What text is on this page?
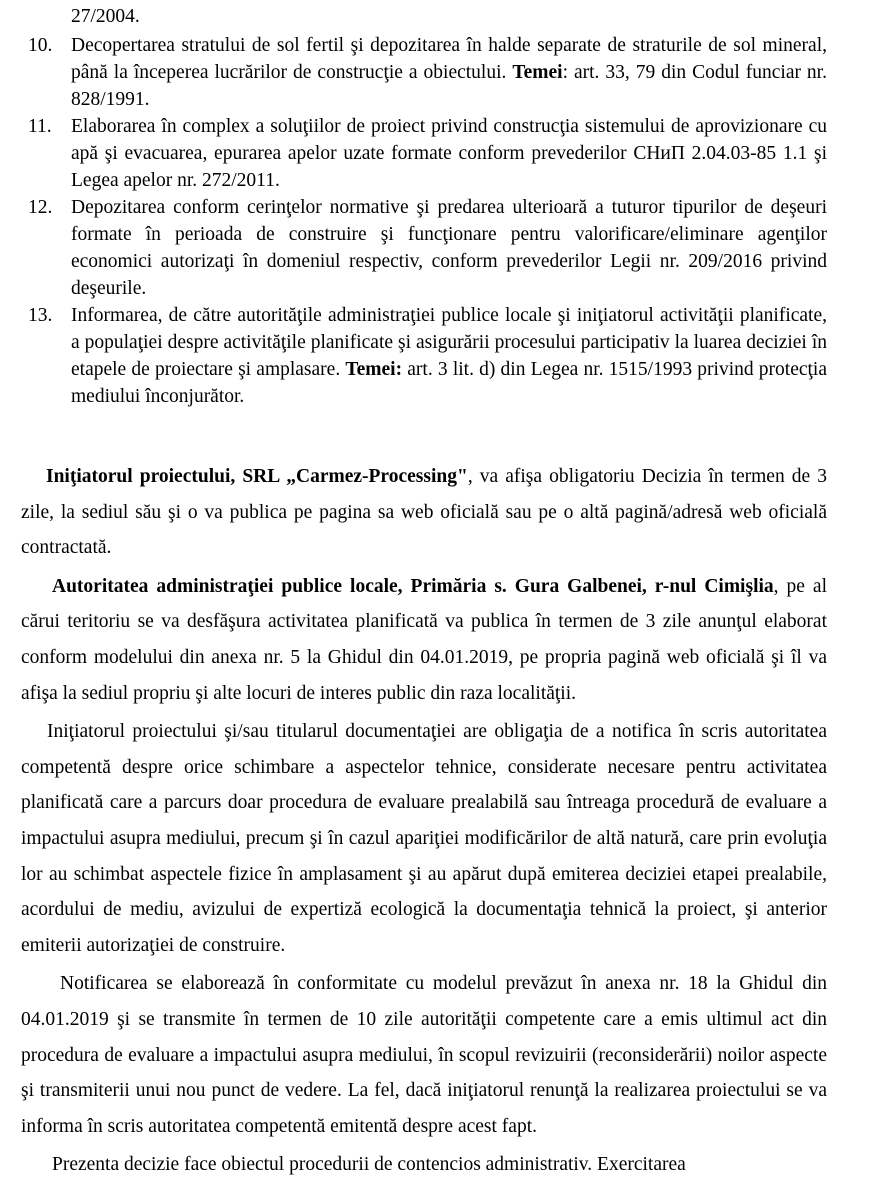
27/2004.

10. Decopertarea stratului de sol fertil şi depozitarea în halde separate de straturile de sol mineral, până la începerea lucrărilor de construcţie a obiectului. Temei: art. 33, 79 din Codul funciar nr. 828/1991.
11. Elaborarea în complex a soluţiilor de proiect privind construcţia sistemului de aprovizionare cu apă şi evacuarea, epurarea apelor uzate formate conform prevederilor СНиП 2.04.03-85 1.1 şi Legea apelor nr. 272/2011.
12. Depozitarea conform cerinţelor normative şi predarea ulterioară a tuturor tipurilor de deşeuri formate în perioada de construire şi funcţionare pentru valorificare/eliminare agenţilor economici autorizaţi în domeniul respectiv, conform prevederilor Legii nr. 209/2016 privind deşeurile.
13. Informarea, de către autorităţile administraţiei publice locale şi iniţiatorul activităţii planificate, a populaţiei despre activităţile planificate şi asigurării procesului participativ la luarea deciziei în etapele de proiectare şi amplasare. Temei: art. 3 lit. d) din Legea nr. 1515/1993 privind protecţia mediului înconjurător.

Iniţiatorul proiectului, SRL „Carmez-Processing", va afişa obligatoriu Decizia în termen de 3 zile, la sediul său şi o va publica pe pagina sa web oficială sau pe o altă pagină/adresă web oficială contractată.

Autoritatea administraţiei publice locale, Primăria s. Gura Galbenei, r-nul Cimişlia, pe al cărui teritoriu se va desfăşura activitatea planificată va publica în termen de 3 zile anunţul elaborat conform modelului din anexa nr. 5 la Ghidul din 04.01.2019, pe propria pagină web oficială şi îl va afişa la sediul propriu şi alte locuri de interes public din raza localităţii.

Iniţiatorul proiectului şi/sau titularul documentaţiei are obligaţia de a notifica în scris autoritatea competentă despre orice schimbare a aspectelor tehnice, considerate necesare pentru activitatea planificată care a parcurs doar procedura de evaluare prealabilă sau întreaga procedură de evaluare a impactului asupra mediului, precum şi în cazul apariţiei modificărilor de altă natură, care prin evoluţia lor au schimbat aspectele fizice în amplasament şi au apărut după emiterea deciziei etapei prealabile, acordului de mediu, avizului de expertiză ecologică la documentaţia tehnică la proiect, şi anterior emiterii autorizaţiei de construire.

Notificarea se elaborează în conformitate cu modelul prevăzut în anexa nr. 18 la Ghidul din 04.01.2019 şi se transmite în termen de 10 zile autorităţii competente care a emis ultimul act din procedura de evaluare a impactului asupra mediului, în scopul revizuirii (reconsiderării) noilor aspecte şi transmiterii unui nou punct de vedere. La fel, dacă iniţiatorul renunţă la realizarea proiectului se va informa în scris autoritatea competentă emitentă despre acest fapt.

Prezenta decizie face obiectul procedurii de contencios administrativ. Exercitarea
